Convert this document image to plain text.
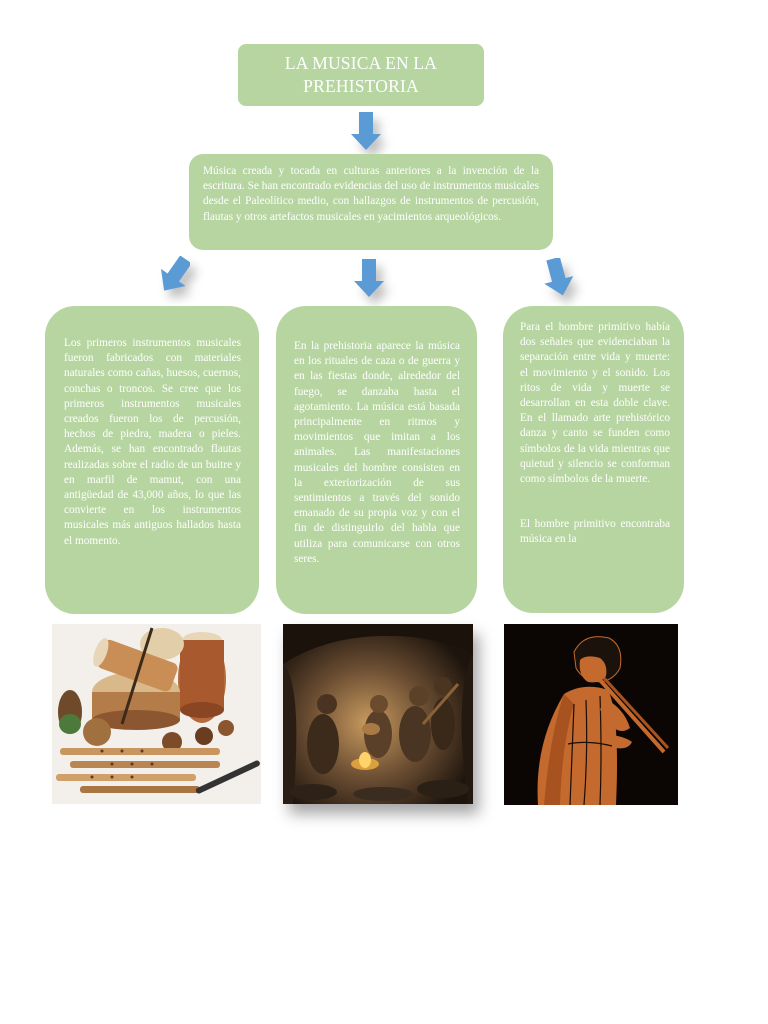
LA MUSICA EN LA PREHISTORIA

Música creada y tocada en culturas anteriores a la invención de la escritura. Se han encontrado evidencias del uso de instrumentos musicales desde el Paleolítico medio, con hallazgos de instrumentos de percusión, flautas y otros artefactos musicales en yacimientos arqueológicos.

Los primeros instrumentos musicales fueron fabricados con materiales naturales como cañas, huesos, cuernos, conchas o troncos. Se cree que los primeros instrumentos musicales creados fueron los de percusión, hechos de piedra, madera o pieles. Además, se han encontrado flautas realizadas sobre el radio de un buitre y en marfil de mamut, con una antigüedad de 43,000 años, lo que las convierte en los instrumentos musicales más antiguos hallados hasta el momento.

En la prehistoria aparece la música en los rituales de caza o de guerra y en las fiestas donde, alrededor del fuego, se danzaba hasta el agotamiento. La música está basada principalmente en ritmos y movimientos que imitan a los animales. Las manifestaciones musicales del hombre consisten en la exteriorización de sus sentimientos a través del sonido emanado de su propia voz y con el fin de distinguirlo del habla que utiliza para comunicarse con otros seres.

Para el hombre primitivo había dos señales que evidenciaban la separación entre vida y muerte: el movimiento y el sonido. Los ritos de vida y muerte se desarrollan en esta doble clave. En el llamado arte prehistórico danza y canto se funden como símbolos de la vida mientras que quietud y silencio se conforman como símbolos de la muerte.

El hombre primitivo encontraba música en la
